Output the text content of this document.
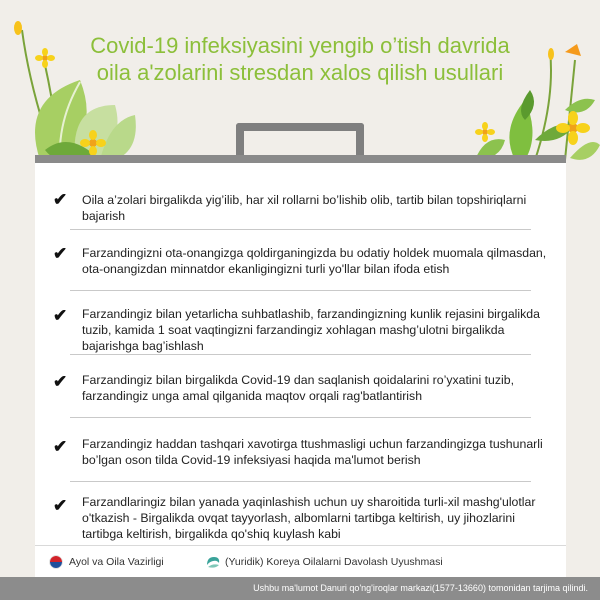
Covid-19 infeksiyasini yengib o’tish davrida
oila a'zolarini stresdan xalos qilish usullari
✔ Oila a’zolari birgalikda yig’ilib, har xil rollarni bo’lishib olib, tartib bilan topshiriqlarni bajarish
✔ Farzandingizni ota-onangizga qoldirganingizda bu odatiy holdek muomala qilmasdan, ota-onangizdan minnatdor ekanligingizni turli yo'llar bilan ifoda etish
✔ Farzandingiz bilan yetarlicha suhbatlashib, farzandingizning kunlik rejasini birgalikda tuzib, kamida 1 soat vaqtingizni farzandingiz xohlagan mashg’ulotni birgalikda bajarishga bag’ishlash
✔ Farzandingiz bilan birgalikda Covid-19 dan saqlanish qoidalarini ro’yxatini tuzib, farzandingiz unga amal qilganida maqtov orqali rag'batlantirish
✔ Farzandingiz haddan tashqari xavotirga ttushmasligi uchun farzandingizga tushunarli bo’lgan oson tilda Covid-19 infeksiyasi haqida ma'lumot berish
✔ Farzandlaringiz bilan yanada yaqinlashish uchun uy sharoitida turli-xil mashg'ulotlar o'tkazish - Birgalikda ovqat tayyorlash, albomlarni tartibga keltirish, uy jihozlarini tartibga keltirish, birgalikda qo'shiq kuylash kabi
Ayol va Oila Vazirligi	(Yuridik) Koreya Oilalarni Davolash Uyushmasi
Ushbu ma'lumot Danuri qo'ng'iroqlar markazi(1577-13660) tomonidan tarjima qilindi.
